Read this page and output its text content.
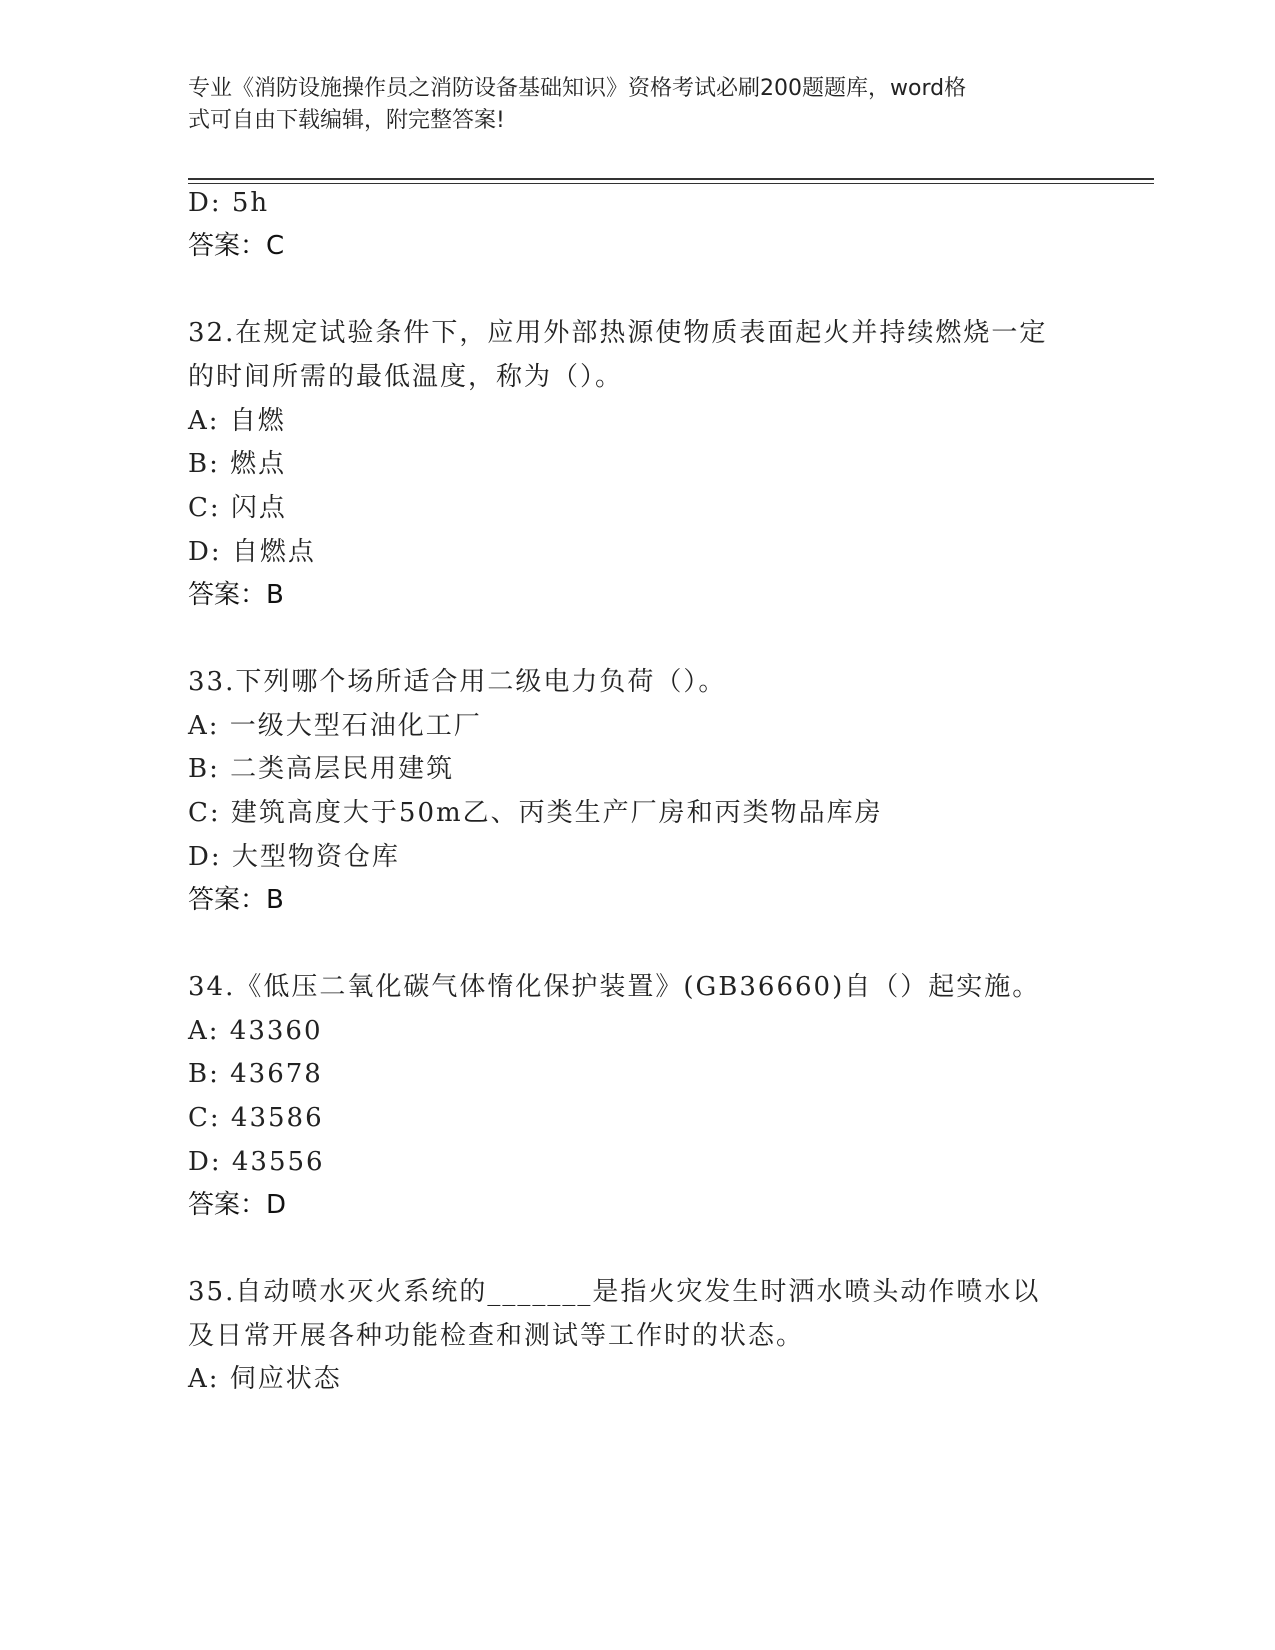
专业《消防设施操作员之消防设备基础知识》资格考试必刷200题题库，word格
式可自由下载编辑，附完整答案!
D: 5h
答案：C
32.在规定试验条件下，应用外部热源使物质表面起火并持续燃烧一定
的时间所需的最低温度，称为（）。
A: 自燃
B: 燃点
C: 闪点
D: 自燃点
答案：B
33.下列哪个场所适合用二级电力负荷（）。
A: 一级大型石油化工厂
B: 二类高层民用建筑
C: 建筑高度大于50m乙、丙类生产厂房和丙类物品库房
D: 大型物资仓库
答案：B
34.《低压二氧化碳气体惰化保护装置》(GB36660)自（）起实施。
A: 43360
B: 43678
C: 43586
D: 43556
答案：D
35.自动喷水灭火系统的_______是指火灾发生时洒水喷头动作喷水以
及日常开展各种功能检查和测试等工作时的状态。
A: 伺应状态
